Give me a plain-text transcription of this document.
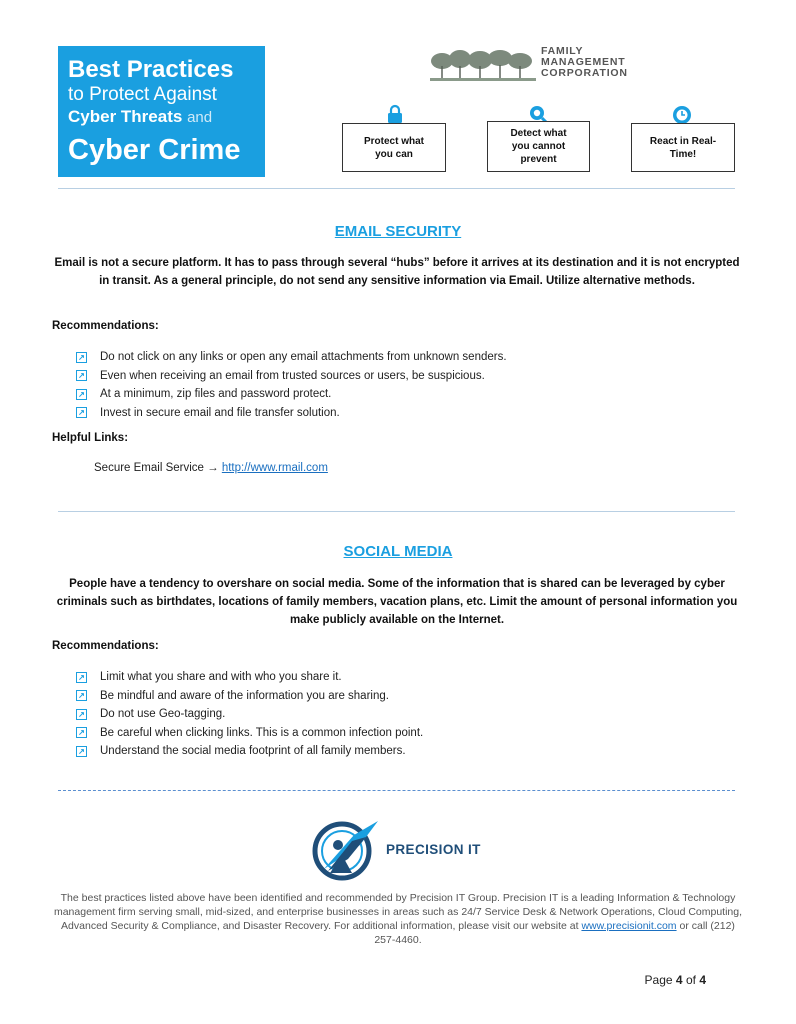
Best Practices
to Protect Against
Cyber Threats and
Cyber Crime
FAMILY
MANAGEMENT
CORPORATION
Protect what you can
Detect what you cannot prevent
React in Real-Time!
EMAIL SECURITY
Email is not a secure platform. It has to pass through several “hubs” before it arrives at its destination and it is not encrypted in transit. As a general principle, do not send any sensitive information via Email. Utilize alternative methods.
Recommendations:
↗ Do not click on any links or open any email attachments from unknown senders.
↗ Even when receiving an email from trusted sources or users, be suspicious.
↗ At a minimum, zip files and password protect.
↗ Invest in secure email and file transfer solution.
Helpful Links:
Secure Email Service → http://www.rmail.com
SOCIAL MEDIA
People have a tendency to overshare on social media. Some of the information that is shared can be leveraged by cyber criminals such as birthdates, locations of family members, vacation plans, etc. Limit the amount of personal information you make publicly available on the Internet.
Recommendations:
↗ Limit what you share and with who you share it.
↗ Be mindful and aware of the information you are sharing.
↗ Do not use Geo-tagging.
↗ Be careful when clicking links. This is a common infection point.
↗ Understand the social media footprint of all family members.
PRECISION IT
The best practices listed above have been identified and recommended by Precision IT Group. Precision IT is a leading Information & Technology management firm serving small, mid-sized, and enterprise businesses in areas such as 24/7 Service Desk & Network Operations, Cloud Computing, Advanced Security & Compliance, and Disaster Recovery. For additional information, please visit our website at www.precisionit.com or call (212) 257-4460.
Page 4 of 4
